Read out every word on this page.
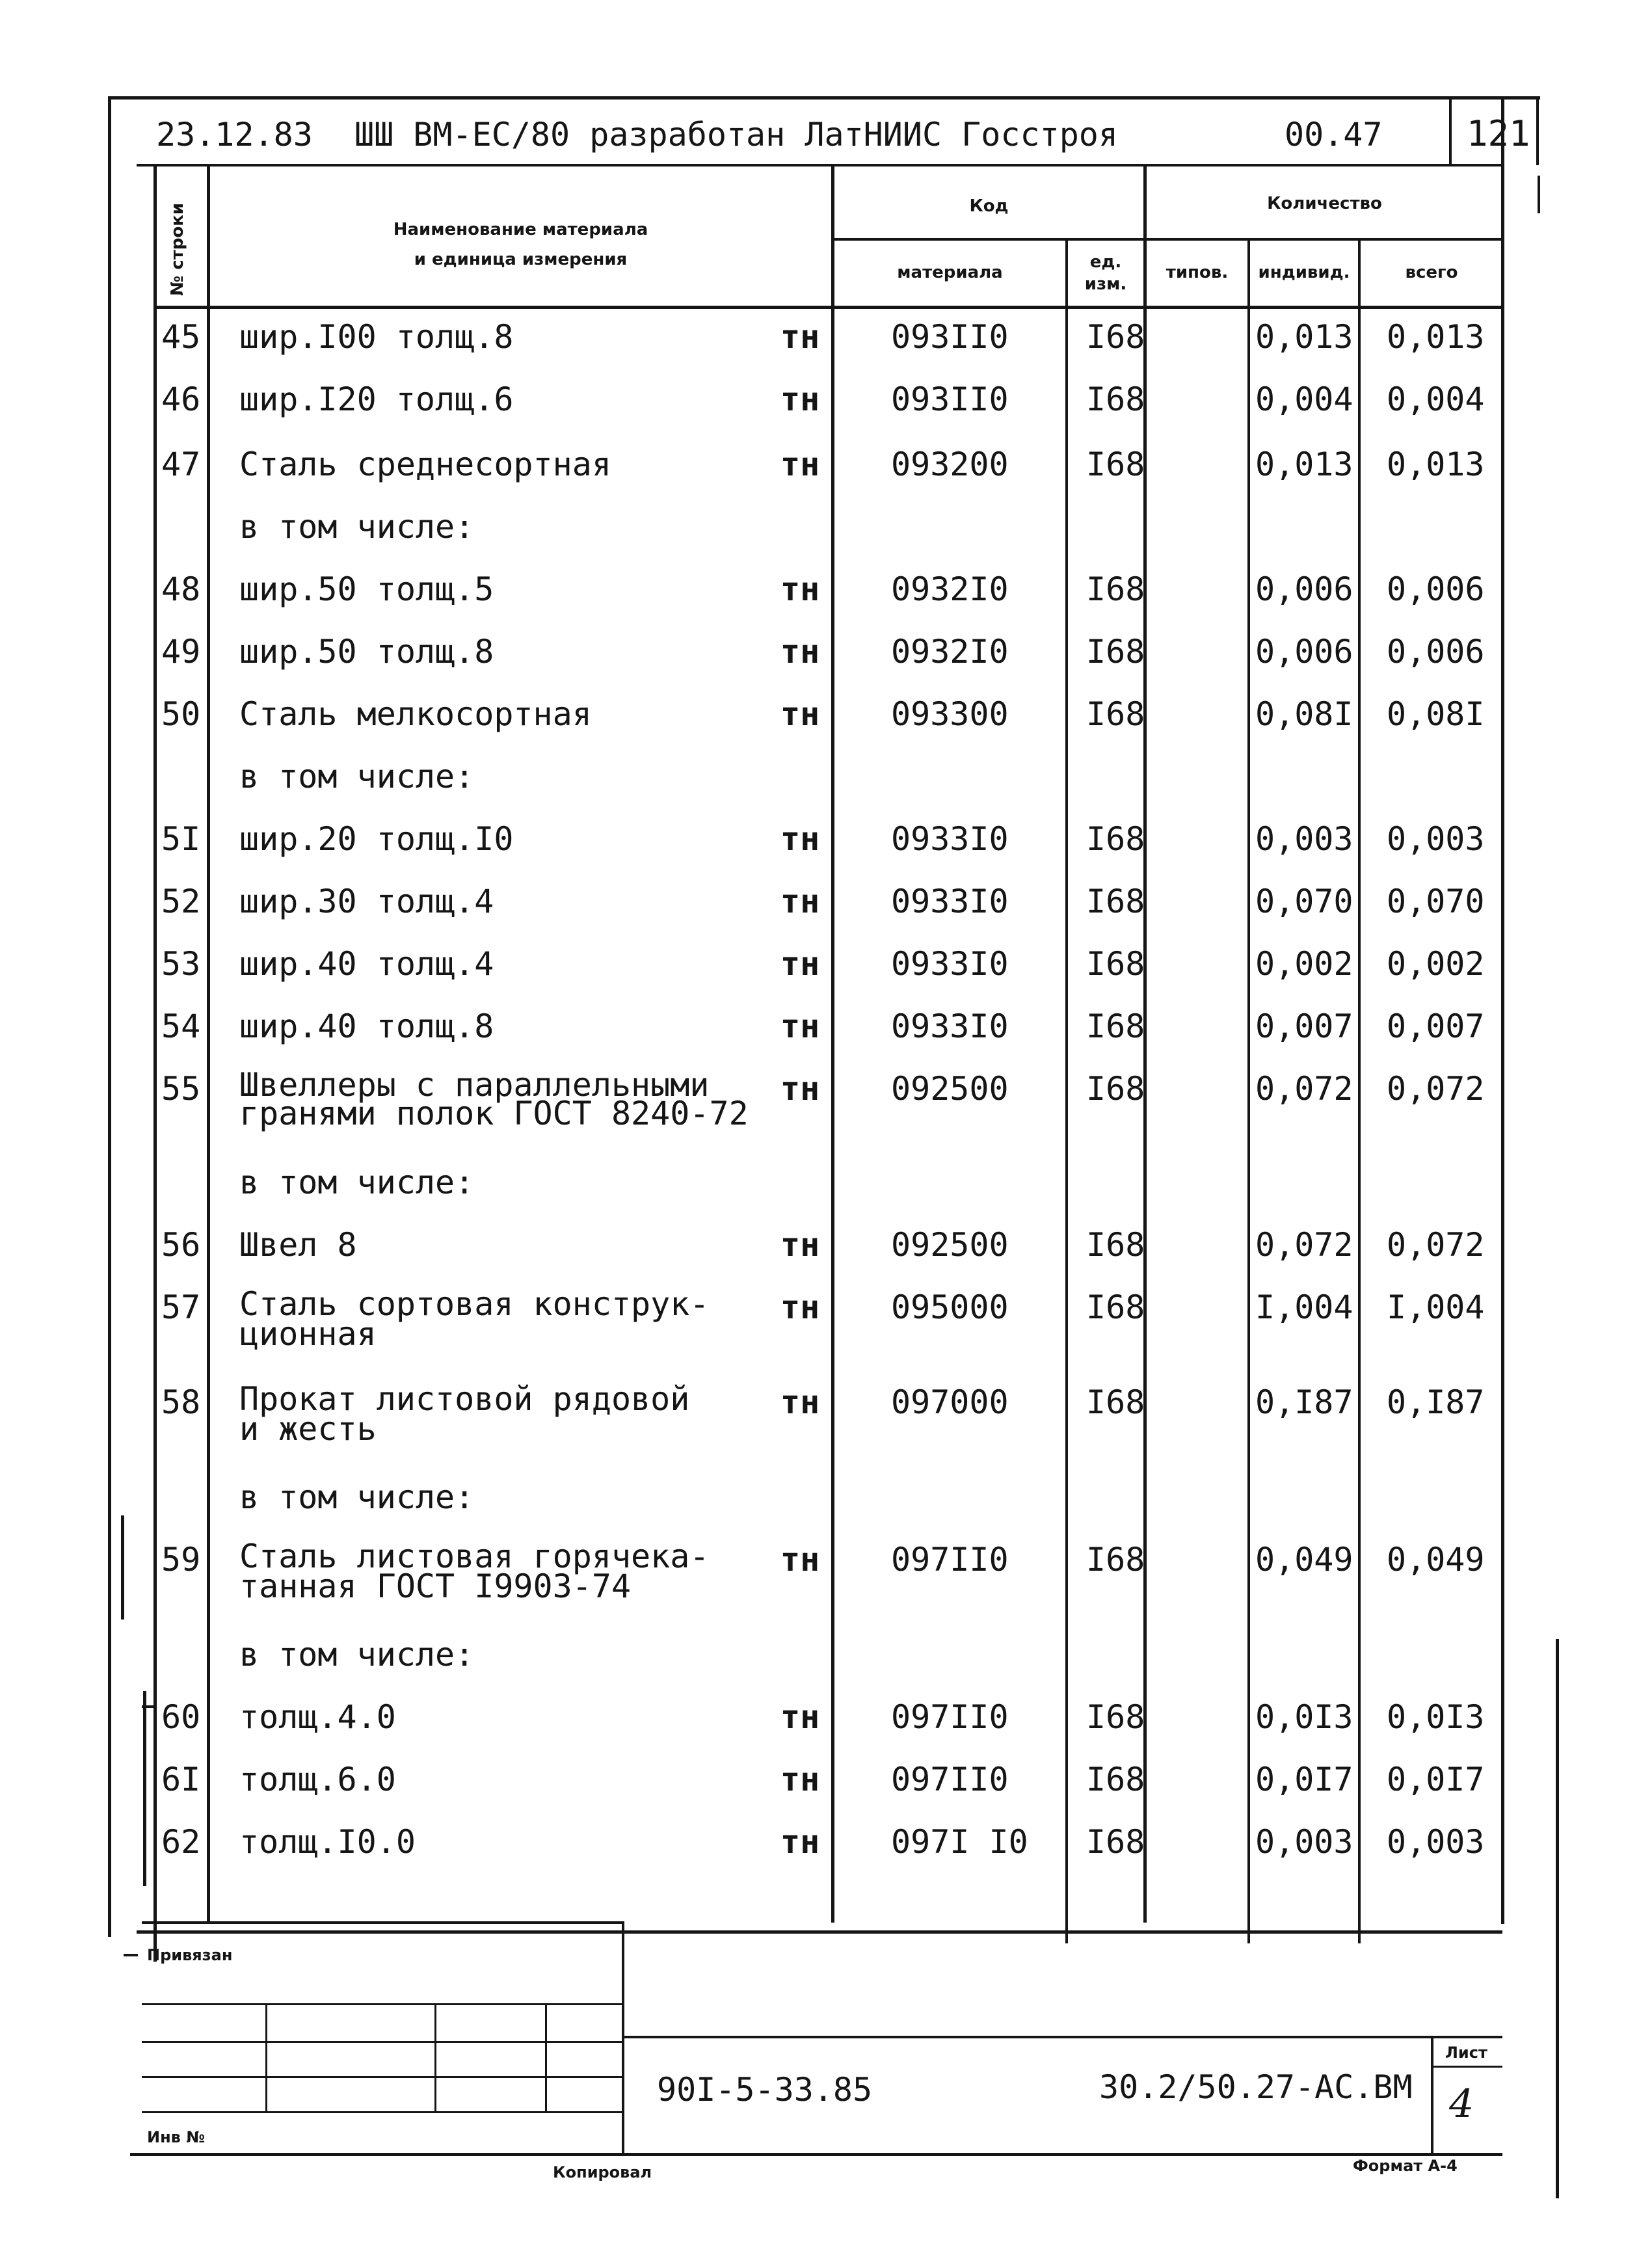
23.12.83 ШШ ВМ-ЕС/80 разработан ЛатНИИС Госстроя	00.47 121
№ строки	Наименование материала
и единица измерения
Код	Количество
материала
ед.
изм.
типов.	индивид.	всего
45 шир.I00 толщ.8	тн 093II0 I68	0,013 0,013
46 шир.I20 толщ.6	тн 093II0 I68	0,004 0,004
47 Сталь среднесортная	тн 093200 I68	0,013 0,013
в том числе:
48 шир.50 толщ.5	тн 0932I0 I68	0,006 0,006
49 шир.50 толщ.8	тн 0932I0 I68	0,006 0,006
50 Сталь мелкосортная	тн 093300 I68	0,08I 0,08I
в том числе:
5I шир.20 толщ.I0	тн 0933I0 I68	0,003 0,003
52 шир.30 толщ.4	тн 0933I0 I68	0,070 0,070
53 шир.40 толщ.4	тн 0933I0 I68	0,002 0,002
54 шир.40 толщ.8	тн 0933I0 I68	0,007 0,007
55 Швеллеры с параллельными
гранями полок ГОСТ 8240-72
тн 092500 I68	0,072 0,072
в том числе:
56 Швел 8	тн 092500 I68	0,072 0,072
57 Сталь сортовая конструк-
ционная
тн 095000 I68	I,004 I,004
58 Прокат листовой рядовой
и жесть
тн 097000 I68	0,I87 0,I87
в том числе:
59 Сталь листовая горячека-
танная ГОСТ I9903-74
тн 097II0 I68	0,049 0,049
в том числе:
60 толщ.4.0	тн 097II0 I68	0,0I3 0,0I3
6I толщ.6.0	тн 097II0 I68	0,0I7 0,0I7
62 толщ.I0.0	тн 097I I0 I68	0,003 0,003
Привязан
Инв №
90I-5-33.85	30.2/50.27-АС.ВМ
Лист
4
Копировал	Формат А-4
